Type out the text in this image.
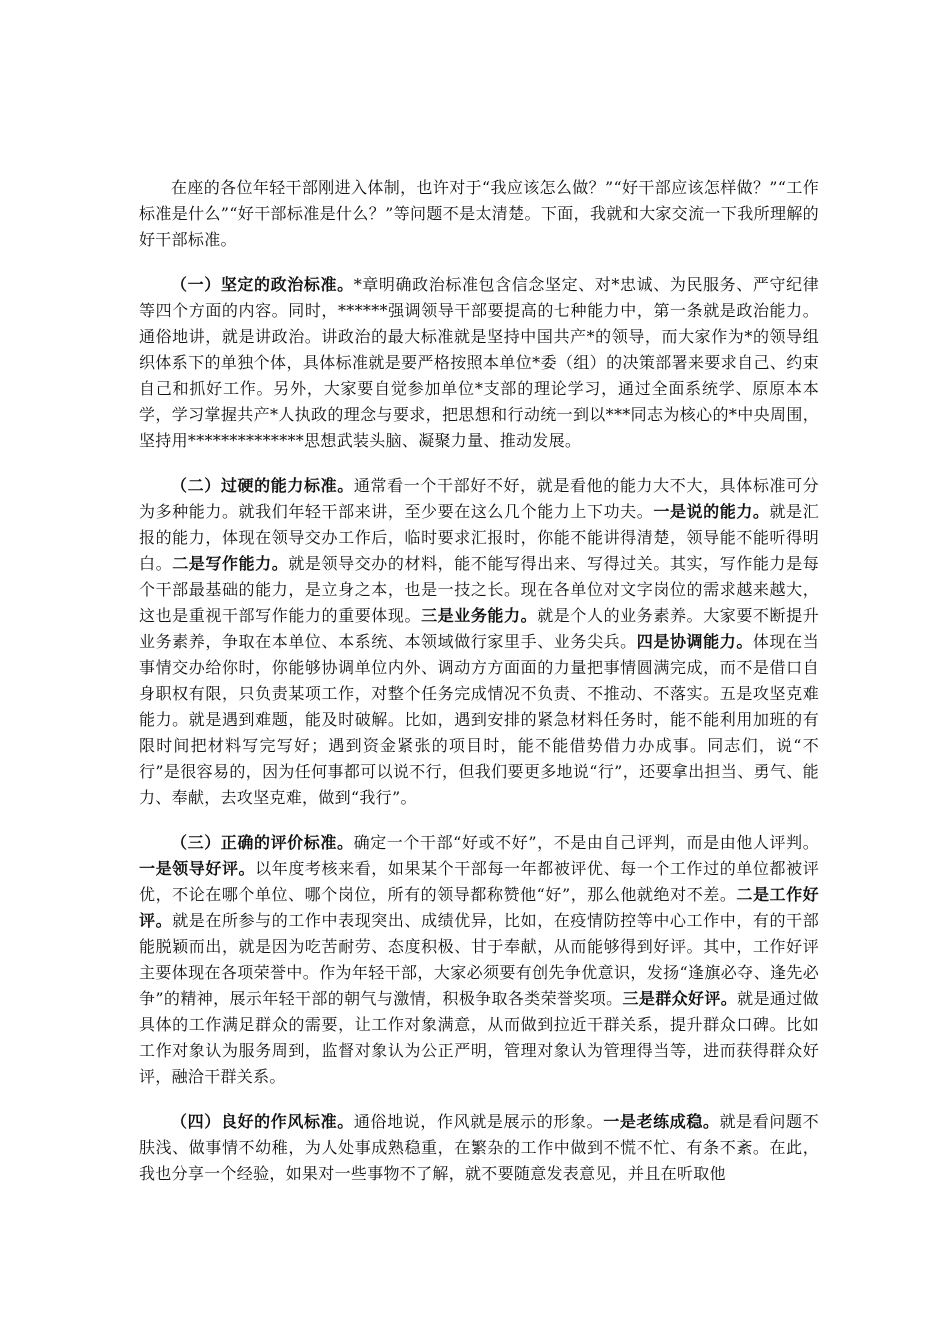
在座的各位年轻干部刚进入体制，也许对于“我应该怎么做？”“好干部应该怎样做？”“工作标准是什么”“好干部标准是什么？”等问题不是太清楚。下面，我就和大家交流一下我所理解的好干部标准。

（一）坚定的政治标准。*章明确政治标准包含信念坚定、对*忠诚、为民服务、严守纪律等四个方面的内容。同时，******强调领导干部要提高的七种能力中，第一条就是政治能力。通俗地讲，就是讲政治。讲政治的最大标准就是坚持中国共产*的领导，而大家作为*的领导组织体系下的单独个体，具体标准就是要严格按照本单位*委（组）的决策部署来要求自己、约束自己和抓好工作。另外，大家要自觉参加单位*支部的理论学习，通过全面系统学、原原本本学，学习掌握共产*人执政的理念与要求，把思想和行动统一到以***同志为核心的*中央周围，坚持用**************思想武装头脑、凝聚力量、推动发展。

（二）过硬的能力标准。通常看一个干部好不好，就是看他的能力大不大，具体标准可分为多种能力。就我们年轻干部来讲，至少要在这么几个能力上下功夫。一是说的能力。就是汇报的能力，体现在领导交办工作后，临时要求汇报时，你能不能讲得清楚，领导能不能听得明白。二是写作能力。就是领导交办的材料，能不能写得出来、写得过关。其实，写作能力是每个干部最基础的能力，是立身之本，也是一技之长。现在各单位对文字岗位的需求越来越大，这也是重视干部写作能力的重要体现。三是业务能力。就是个人的业务素养。大家要不断提升业务素养，争取在本单位、本系统、本领域做行家里手、业务尖兵。四是协调能力。体现在当事情交办给你时，你能够协调单位内外、调动方方面面的力量把事情圆满完成，而不是借口自身职权有限，只负责某项工作，对整个任务完成情况不负责、不推动、不落实。五是攻坚克难能力。就是遇到难题，能及时破解。比如，遇到安排的紧急材料任务时，能不能利用加班的有限时间把材料写完写好；遇到资金紧张的项目时，能不能借势借力办成事。同志们，说“不行”是很容易的，因为任何事都可以说不行，但我们要更多地说“行”，还要拿出担当、勇气、能力、奉献，去攻坚克难，做到“我行”。

（三）正确的评价标准。确定一个干部“好或不好”，不是由自己评判，而是由他人评判。一是领导好评。以年度考核来看，如果某个干部每一年都被评优、每一个工作过的单位都被评优，不论在哪个单位、哪个岗位，所有的领导都称赞他“好”，那么他就绝对不差。二是工作好评。就是在所参与的工作中表现突出、成绩优异，比如，在疫情防控等中心工作中，有的干部能脱颖而出，就是因为吃苦耐劳、态度积极、甘于奉献，从而能够得到好评。其中，工作好评主要体现在各项荣誉中。作为年轻干部，大家必须要有创先争优意识，发扬“逢旗必夺、逢先必争”的精神，展示年轻干部的朝气与激情，积极争取各类荣誉奖项。三是群众好评。就是通过做具体的工作满足群众的需要，让工作对象满意，从而做到拉近干群关系，提升群众口碑。比如工作对象认为服务周到，监督对象认为公正严明，管理对象认为管理得当等，进而获得群众好评，融洽干群关系。

（四）良好的作风标准。通俗地说，作风就是展示的形象。一是老练成稳。就是看问题不肤浅、做事情不幼稚，为人处事成熟稳重，在繁杂的工作中做到不慌不忙、有条不紊。在此，我也分享一个经验，如果对一些事物不了解，就不要随意发表意见，并且在听取他
